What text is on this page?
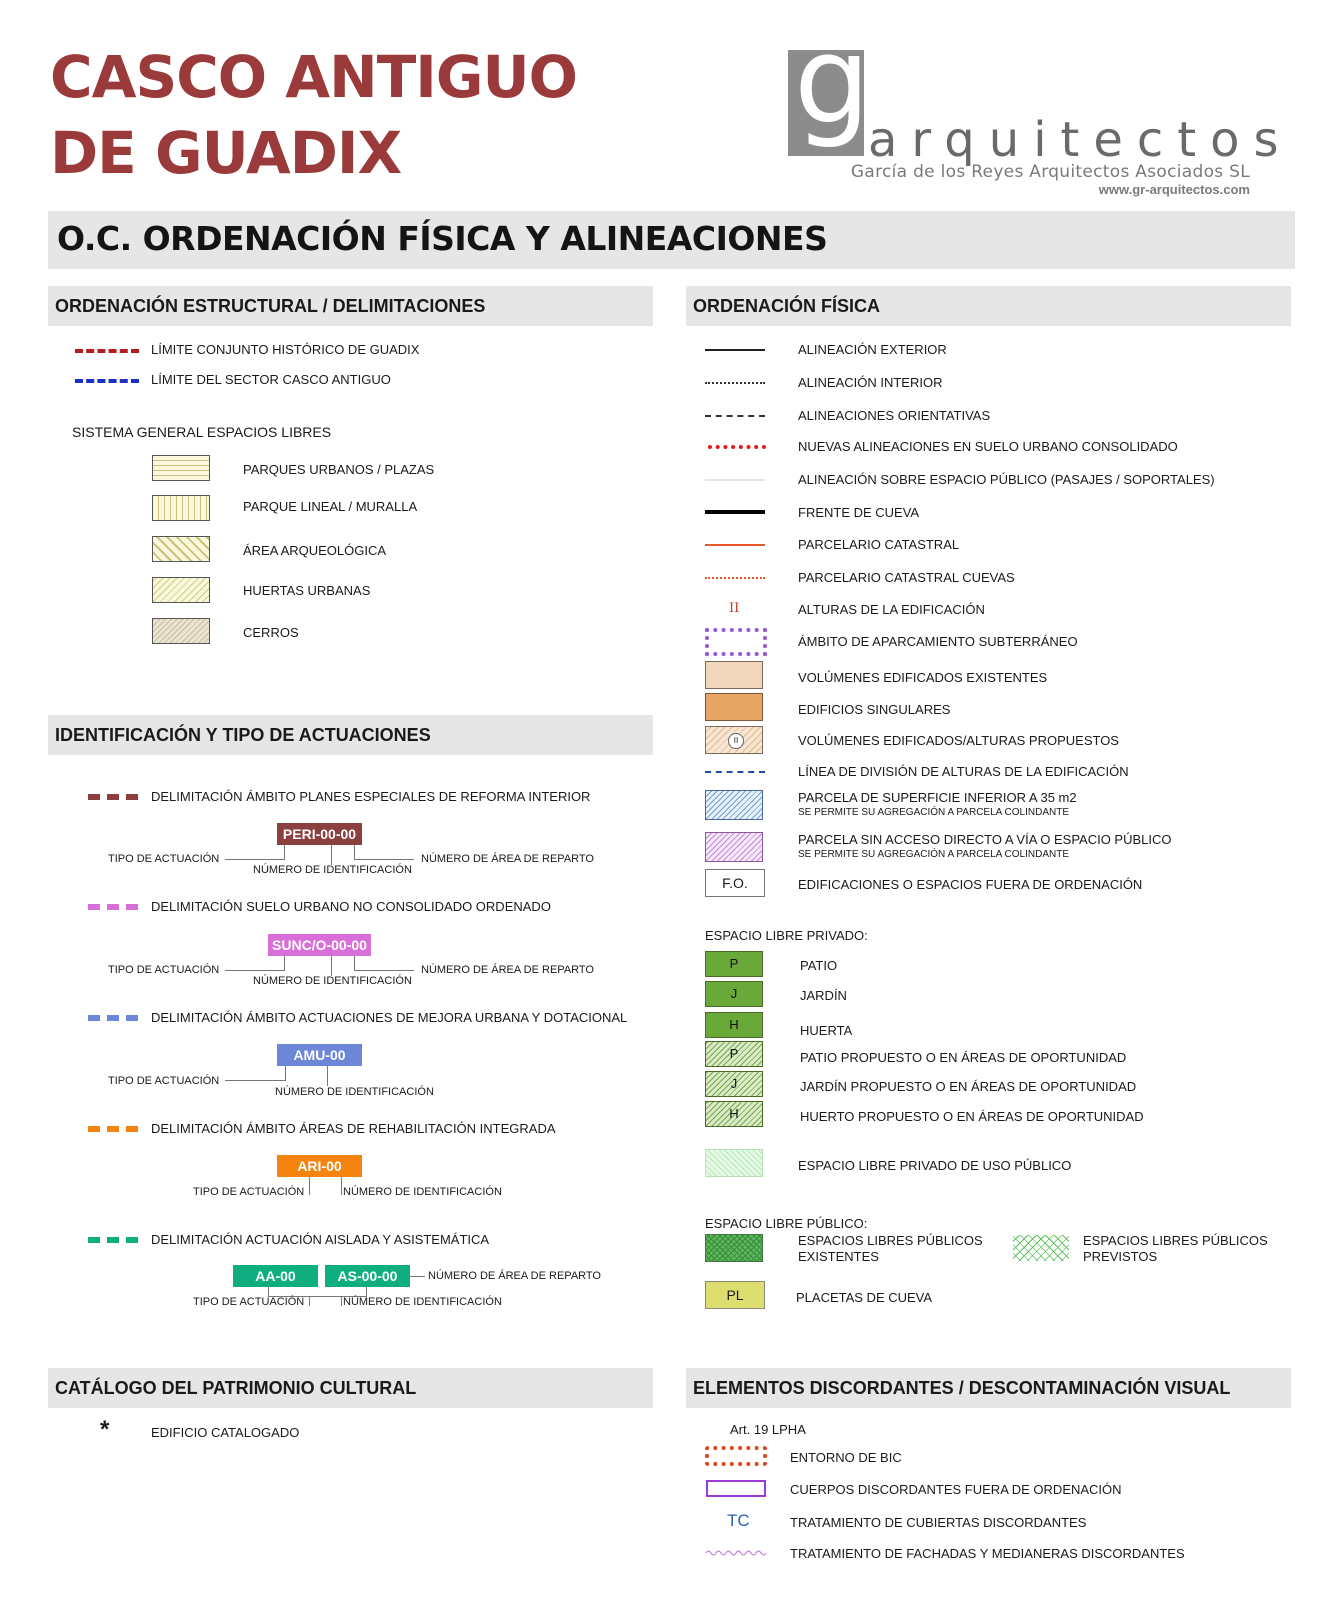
CASCO ANTIGUO
DE GUADIX
gr
arquitectos
García de los Reyes Arquitectos Asociados SL
www.gr-arquitectos.com
O.C. ORDENACIÓN FÍSICA Y ALINEACIONES
ORDENACIÓN ESTRUCTURAL / DELIMITACIONES
LÍMITE CONJUNTO HISTÓRICO DE GUADIX
LÍMITE DEL SECTOR CASCO ANTIGUO
SISTEMA GENERAL ESPACIOS LIBRES
PARQUES URBANOS / PLAZAS
PARQUE LINEAL / MURALLA
ÁREA ARQUEOLÓGICA
HUERTAS URBANAS
CERROS
IDENTIFICACIÓN Y TIPO DE ACTUACIONES
DELIMITACIÓN ÁMBITO PLANES ESPECIALES DE REFORMA INTERIOR
PERI-00-00
TIPO DE ACTUACIÓN
NÚMERO DE IDENTIFICACIÓN
NÚMERO DE ÁREA DE REPARTO
DELIMITACIÓN SUELO URBANO NO CONSOLIDADO ORDENADO
SUNC/O-00-00
TIPO DE ACTUACIÓN
NÚMERO DE IDENTIFICACIÓN
NÚMERO DE ÁREA DE REPARTO
DELIMITACIÓN ÁMBITO ACTUACIONES DE MEJORA URBANA Y DOTACIONAL
AMU-00
TIPO DE ACTUACIÓN
NÚMERO DE IDENTIFICACIÓN
DELIMITACIÓN ÁMBITO ÁREAS DE REHABILITACIÓN INTEGRADA
ARI-00
TIPO DE ACTUACIÓN	NÚMERO DE IDENTIFICACIÓN
DELIMITACIÓN ACTUACIÓN AISLADA Y ASISTEMÁTICA
AA-00	AS-00-00	NÚMERO DE ÁREA DE REPARTO
TIPO DE ACTUACIÓN	NÚMERO DE IDENTIFICACIÓN
CATÁLOGO DEL PATRIMONIO CULTURAL
*	EDIFICIO CATALOGADO
ORDENACIÓN FÍSICA
ALINEACIÓN EXTERIOR
ALINEACIÓN INTERIOR
ALINEACIONES ORIENTATIVAS
NUEVAS ALINEACIONES EN SUELO URBANO CONSOLIDADO
ALINEACIÓN SOBRE ESPACIO PÚBLICO (PASAJES / SOPORTALES)
FRENTE DE CUEVA
PARCELARIO CATASTRAL
PARCELARIO CATASTRAL CUEVAS
II	ALTURAS DE LA EDIFICACIÓN
ÁMBITO DE APARCAMIENTO SUBTERRÁNEO
VOLÚMENES EDIFICADOS EXISTENTES
EDIFICIOS SINGULARES
II	VOLÚMENES EDIFICADOS/ALTURAS PROPUESTOS
LÍNEA DE DIVISIÓN DE ALTURAS DE LA EDIFICACIÓN
PARCELA DE SUPERFICIE INFERIOR A 35 m2
SE PERMITE SU AGREGACIÓN A PARCELA COLINDANTE
PARCELA SIN ACCESO DIRECTO A VÍA O ESPACIO PÚBLICO
SE PERMITE SU AGREGACIÓN A PARCELA COLINDANTE
F.O.	EDIFICACIONES O ESPACIOS FUERA DE ORDENACIÓN
ESPACIO LIBRE PRIVADO:
P	PATIO
J	JARDÍN
H	HUERTA
P	PATIO PROPUESTO O EN ÁREAS DE OPORTUNIDAD
J	JARDÍN PROPUESTO O EN ÁREAS DE OPORTUNIDAD
H	HUERTO PROPUESTO O EN ÁREAS DE OPORTUNIDAD
ESPACIO LIBRE PRIVADO DE USO PÚBLICO
ESPACIO LIBRE PÚBLICO:
ESPACIOS LIBRES PÚBLICOS
EXISTENTES
ESPACIOS LIBRES PÚBLICOS
PREVISTOS
PL	PLACETAS DE CUEVA
ELEMENTOS DISCORDANTES / DESCONTAMINACIÓN VISUAL
Art. 19 LPHA
ENTORNO DE BIC
CUERPOS DISCORDANTES FUERA DE ORDENACIÓN
TC	TRATAMIENTO DE CUBIERTAS DISCORDANTES
TRATAMIENTO DE FACHADAS Y MEDIANERAS DISCORDANTES
